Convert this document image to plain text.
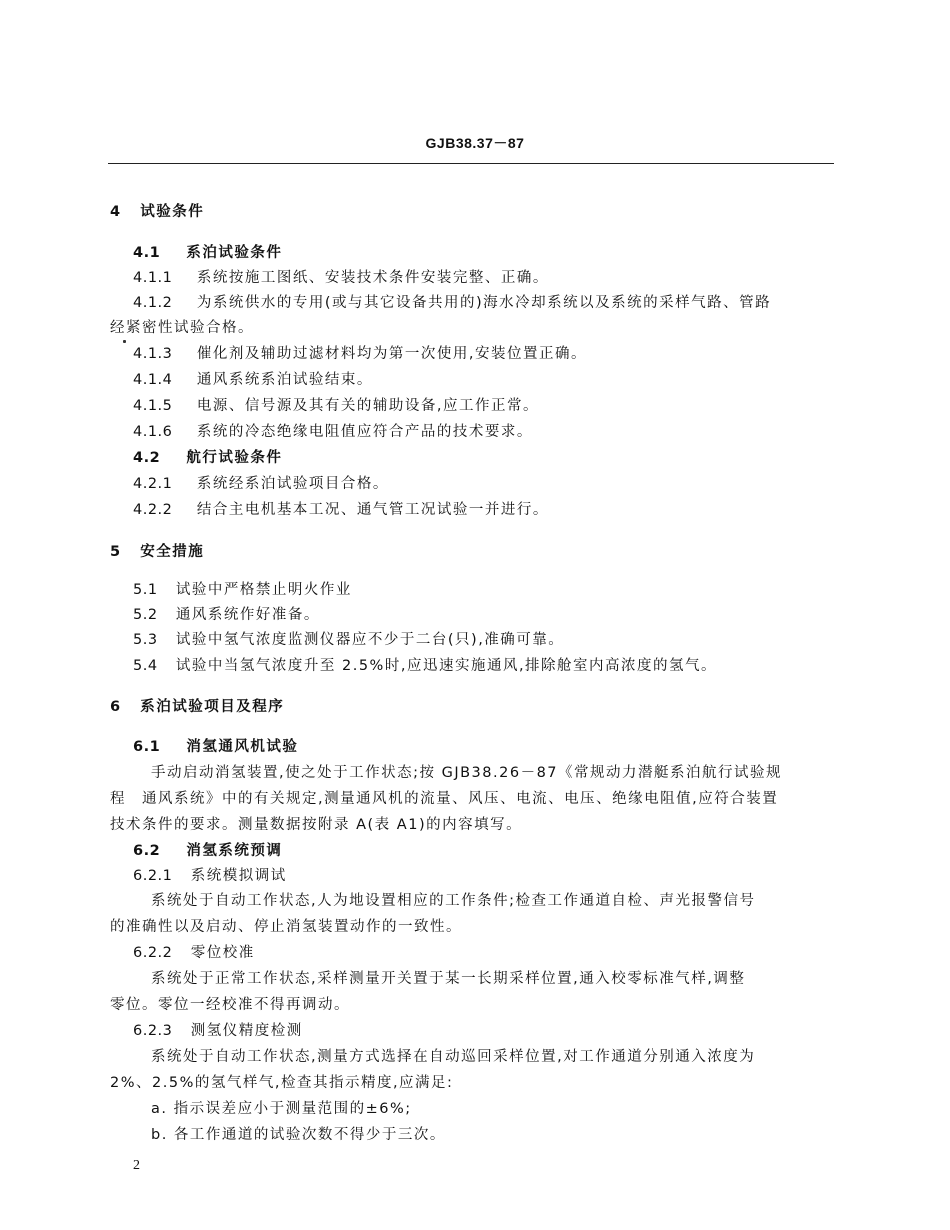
GJB38.37－87
4 试验条件
4.1 系泊试验条件
4.1.1 系统按施工图纸、安装技术条件安装完整、正确。
4.1.2 为系统供水的专用(或与其它设备共用的)海水冷却系统以及系统的采样气路、管路
经紧密性试验合格。
4.1.3 催化剂及辅助过滤材料均为第一次使用,安装位置正确。
4.1.4 通风系统系泊试验结束。
4.1.5 电源、信号源及其有关的辅助设备,应工作正常。
4.1.6 系统的冷态绝缘电阻值应符合产品的技术要求。
4.2 航行试验条件
4.2.1 系统经系泊试验项目合格。
4.2.2 结合主电机基本工况、通气管工况试验一并进行。
5 安全措施
5.1 试验中严格禁止明火作业
5.2 通风系统作好准备。
5.3 试验中氢气浓度监测仪器应不少于二台(只),准确可靠。
5.4 试验中当氢气浓度升至 2.5%时,应迅速实施通风,排除舱室内高浓度的氢气。
6 系泊试验项目及程序
6.1 消氢通风机试验
手动启动消氢装置,使之处于工作状态;按 GJB38.26－87《常规动力潜艇系泊航行试验规
程　通风系统》中的有关规定,测量通风机的流量、风压、电流、电压、绝缘电阻值,应符合装置
技术条件的要求。测量数据按附录 A(表 A1)的内容填写。
6.2 消氢系统预调
6.2.1 系统模拟调试
系统处于自动工作状态,人为地设置相应的工作条件;检查工作通道自检、声光报警信号
的准确性以及启动、停止消氢装置动作的一致性。
6.2.2 零位校准
系统处于正常工作状态,采样测量开关置于某一长期采样位置,通入校零标准气样,调整
零位。零位一经校准不得再调动。
6.2.3 测氢仪精度检测
系统处于自动工作状态,测量方式选择在自动巡回采样位置,对工作通道分别通入浓度为
2%、2.5%的氢气样气,检查其指示精度,应满足:
a. 指示误差应小于测量范围的±6%;
b. 各工作通道的试验次数不得少于三次。
2
